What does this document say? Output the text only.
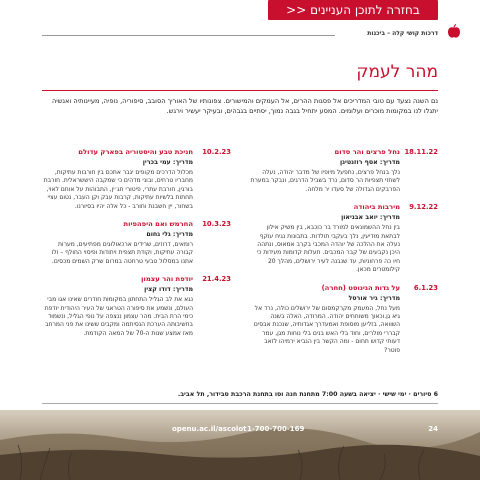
בחזרה לתוכן העניינים <<
דרכות קושי קלה – ביכנות
מהר לעמק
נם השנה נצעד עם טובי המדריכים אל פסגות ההרים, אל העמקים והמישורים. צפונותיו של האוריך הסובב, סיפוריה, נופיה, מעיינותיה ואנשיה יתגלו לנו במקומות מוכרים ועלומים. המסע יתחיל בגבה נמוך, יסתיים בגבהים, ובעיקר יעשיר וירגש.
18.11.22
נחל פרצים והר סדום
מדריך: אסף רוזנטיגן
נלך בנחל פרצים, נתפעל מיופיו של מדבר יהודה, נעלה לשחזי תצפיות הר סדום, נרד בשביל הדרגים, ונבקר במערת הפרבקים הגדולה של סעדו יר מלחה.
9.12.22
מירבות ביהודה
מדריך: יואב אבניאון
בין נחל ההשמונאים למורד בר כוכבא, בין משיק אילון לבתאת מודיעין, נלך בעקבי תולדות. בתבונות נגיח עוקף נעלה את ההלכה של יוהדה המכבי בקרב אמאוס, ונתהה היכן נקבעים של קבר המכבים. תעלות קדומות מעידות כי חיו כה פרחוניות, עד שנבנה לעיר ירושלים, מהלך 20 קילומטרים מכאן.
6.1.23
על גדות הגינוסט (חחרה)
מדריך: גיר אורסל
מעל נחל, המעמק מקרקמסום של ירושלים כולה, נרד אל גיא גן.וכאוך משוחחים יהודה. המרודה, האלה בשנה השוואה, בזליען מוסופת ואמעדרך אגדותיה, שנכנת אבסים קבררי מולרים, וחוד בלי האש בנים בלי נוחות מגן, עמר דעותי קדוש תחום - ומה הקשר בין הנביא ירמיהו לזאב פוטר?
10.2.23
חניכת טבע והיסטוריה בפארק עדולם
מדריך: עמי בכרין
מכלול הדרכים מקופים יגבר אתכם בין חורבות עתיקות, מחבריו טרחים, ובוני מדהים כי שמקבה היששראלית. חורבת בורגין, חורבת עתרי, פיטורי חג׳ין, התבוהות על אותם לאוי, תחתות בלשיות עתיקות, קרבות עבק וקן העבר, נטום עציי בשחור, יין חשבנת וחורב - כל אלה יהיו בסיורנו.
10.3.23
החרמש ואם היפהפיות
מדריך: גלי גחום
רומאים, דרוזים, שרידים ארכאולוגים מפתיעים, מערות קבורה עתיקות, וקודת תצפית ויתודות ופיסוי החולף – ולו אתנו במסלול טבעי טרחטה במרום שרק השמים מכסים.
21.4.23
יודפת והר עצמון
מדריך: דודו קצין
נגא את לב הגליל התחתון במקומות חודרים שאינו אגו מבי העולם, ונשמע את סיפורה הטראגי של העיר היהודית יודפת כימי הרת הבית. מהר עצמון ננצפה על נופי הגליל, ונשמוד בחשיבותה הערכת הנסיתמה ומקבים ששינו את פני המרחב מאז אמצע שנות ה-70 של המאה הקודמת.
6 סיורים · ימי שישי · יציאה בשעה 7:00 מתחנת חנה וסו בתחנת הרכבת סבידור, תל אביב.
openu.ac.il/ascolot 1-700-700-169	24
